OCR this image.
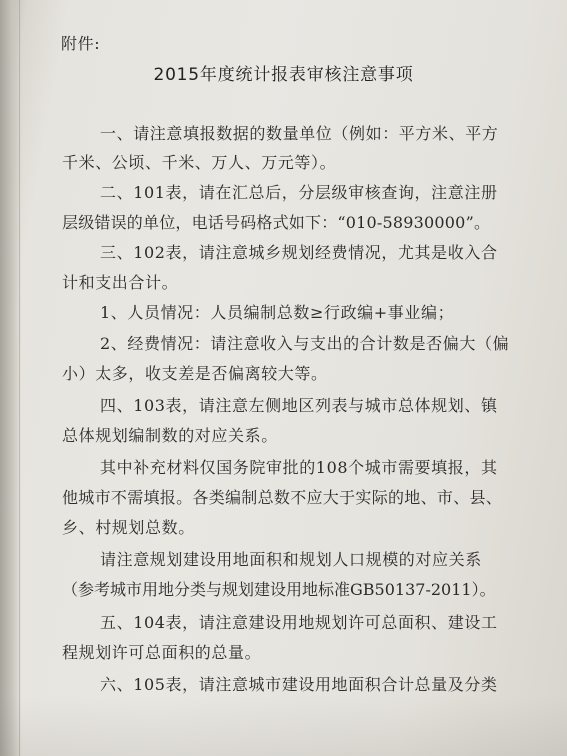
附件:
2015年度统计报表审核注意事项
一、请注意填报数据的数量单位（例如：平方米、平方
千米、公顷、千米、万人、万元等）。
二、101表，请在汇总后，分层级审核查询，注意注册
层级错误的单位，电话号码格式如下：“010-58930000”。
三、102表，请注意城乡规划经费情况，尤其是收入合
计和支出合计。
1、人员情况：人员编制总数≥行政编+事业编；
2、经费情况：请注意收入与支出的合计数是否偏大（偏
小）太多，收支差是否偏离较大等。
四、103表，请注意左侧地区列表与城市总体规划、镇
总体规划编制数的对应关系。
其中补充材料仅国务院审批的108个城市需要填报，其
他城市不需填报。各类编制总数不应大于实际的地、市、县、
乡、村规划总数。
请注意规划建设用地面积和规划人口规模的对应关系
（参考城市用地分类与规划建设用地标准GB50137-2011）。
五、104表，请注意建设用地规划许可总面积、建设工
程规划许可总面积的总量。
六、105表，请注意城市建设用地面积合计总量及分类
